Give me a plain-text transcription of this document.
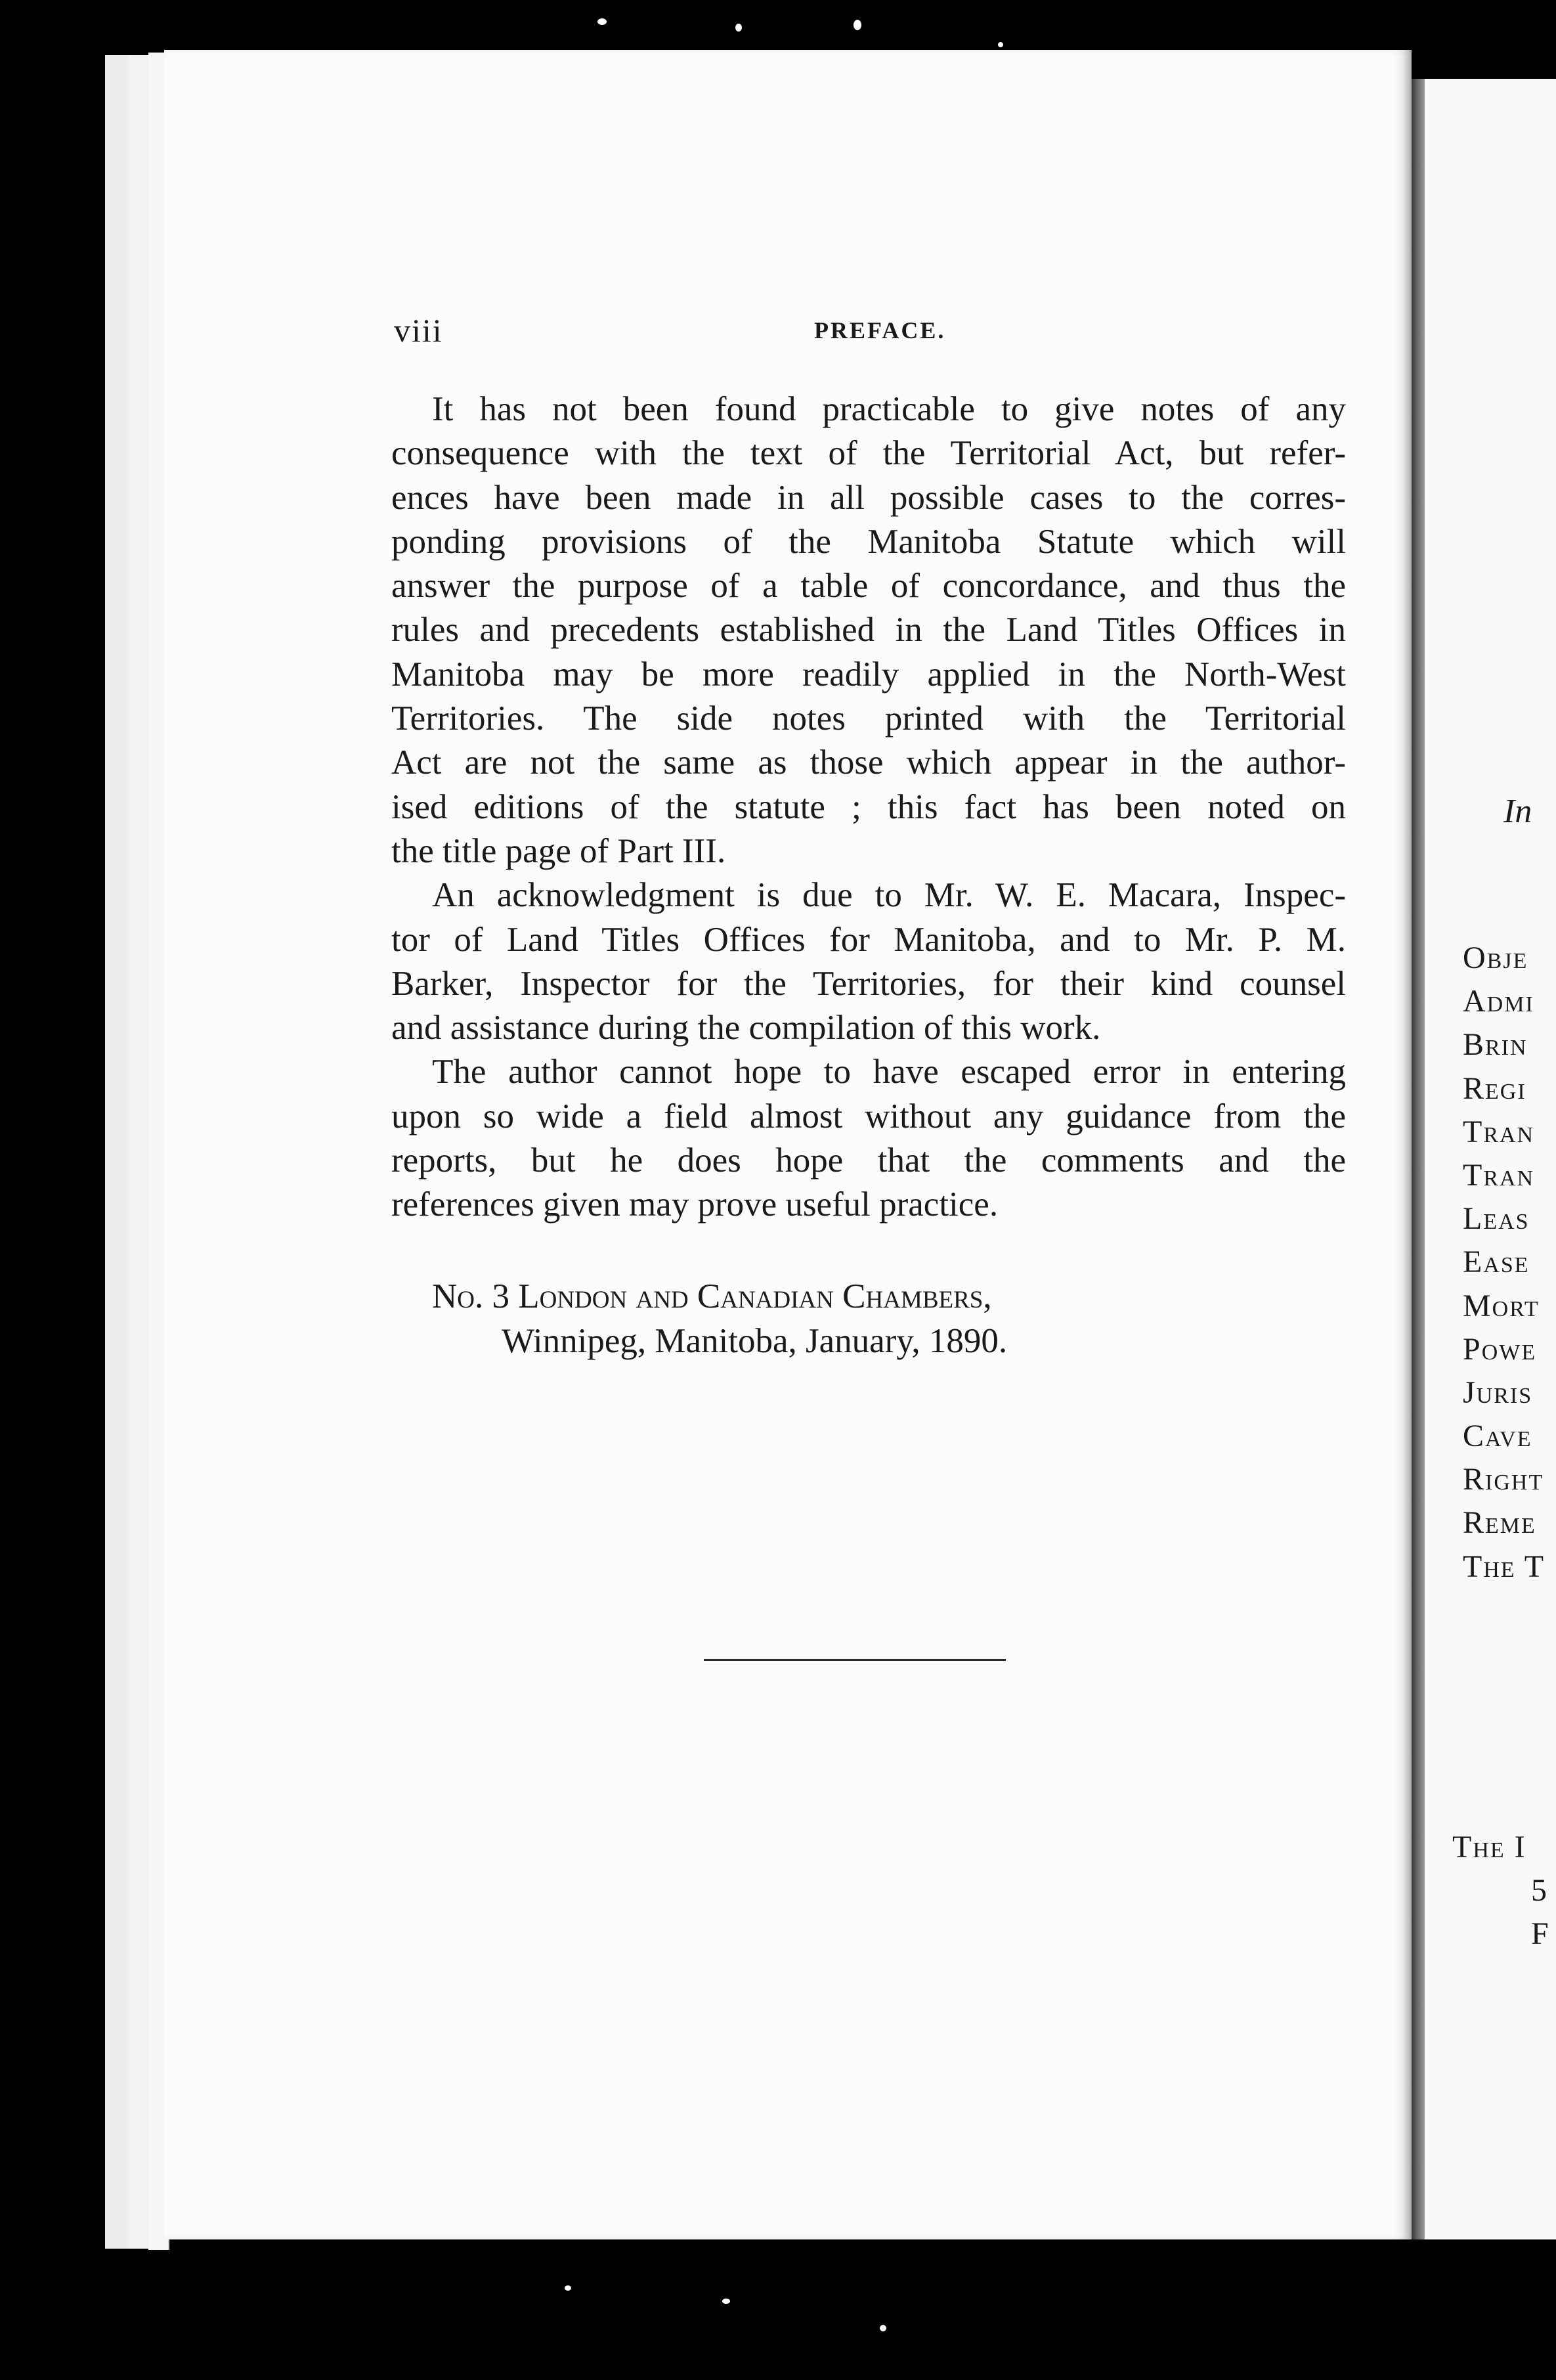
In
Obje
Admi
Brin
Regi
Tran
Tran
Leas
Ease
Mort
Powe
Juris
Cave
Right
Reme
The T
The I
5
F
viii	PREFACE.
It has not been found practicable to give notes of any
consequence with the text of the Territorial Act, but refer-
ences have been made in all possible cases to the corres-
ponding provisions of the Manitoba Statute which will
answer the purpose of a table of concordance, and thus the
rules and precedents established in the Land Titles Offices in
Manitoba may be more readily applied in the North-West
Territories. The side notes printed with the Territorial
Act are not the same as those which appear in the author-
ised editions of the statute ; this fact has been noted on
the title page of Part III.
An acknowledgment is due to Mr. W. E. Macara, Inspec-
tor of Land Titles Offices for Manitoba, and to Mr. P. M.
Barker, Inspector for the Territories, for their kind counsel
and assistance during the compilation of this work.
The author cannot hope to have escaped error in entering
upon so wide a field almost without any guidance from the
reports, but he does hope that the comments and the
references given may prove useful practice.
No. 3 London and Canadian Chambers,
Winnipeg, Manitoba, January, 1890.
